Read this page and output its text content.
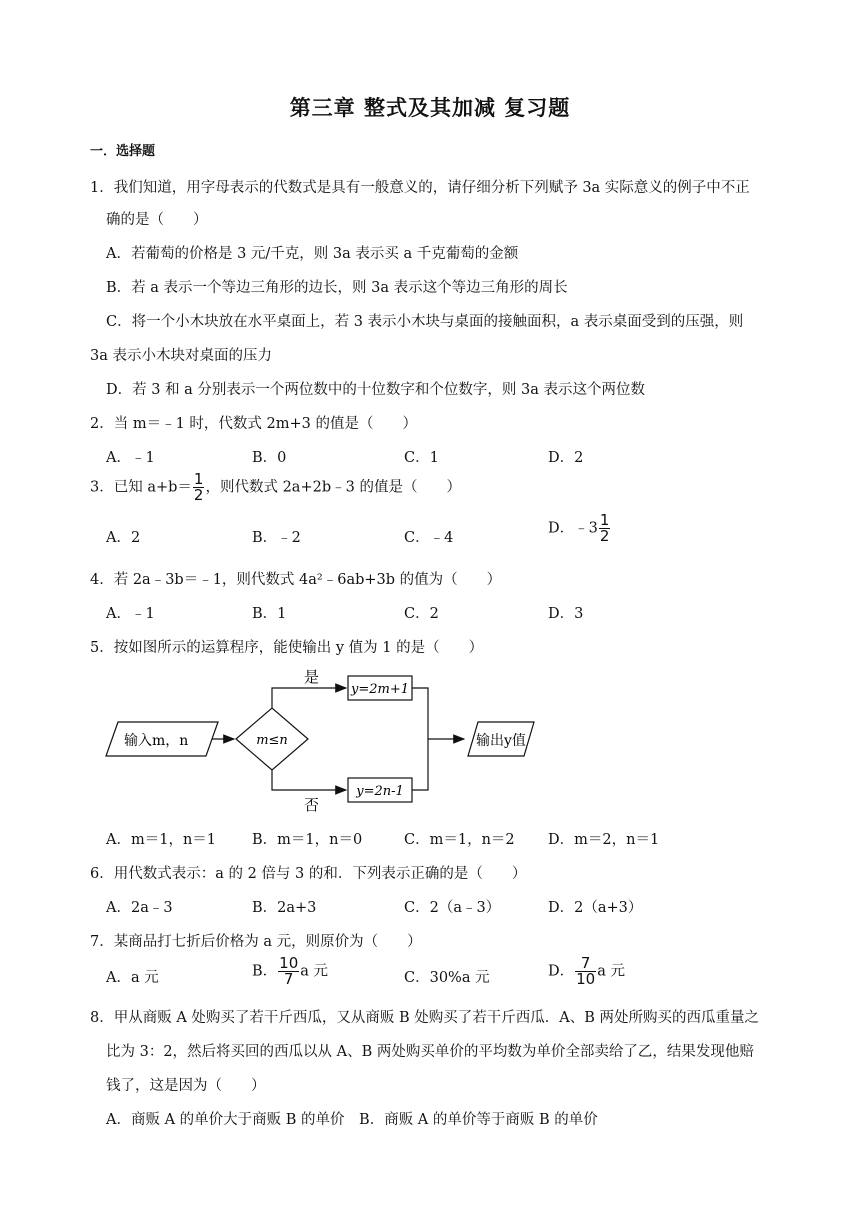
第三章 整式及其加减 复习题
一．选择题
1．我们知道，用字母表示的代数式是具有一般意义的，请仔细分析下列赋予 3a 实际意义的例子中不正
确的是（　　）
A．若葡萄的价格是 3 元/千克，则 3a 表示买 a 千克葡萄的金额
B．若 a 表示一个等边三角形的边长，则 3a 表示这个等边三角形的周长
C．将一个小木块放在水平桌面上，若 3 表示小木块与桌面的接触面积，a 表示桌面受到的压强，则
3a 表示小木块对桌面的压力
D．若 3 和 a 分别表示一个两位数中的十位数字和个位数字，则 3a 表示这个两位数
2．当 m＝﹣1 时，代数式 2m+3 的值是（　　）
A．﹣1	B．0	C．1	D．2
3．已知 $a+b= \frac{1}{2}$ ，则代数式 2a+2b﹣3 的值是（　　）
A．2	B．﹣2	C．﹣4
D．﹣3 $\frac{1}{2}$
4．若 2a﹣3b＝﹣1，则代数式 4a²﹣6ab+3b 的值为（　　）
A．﹣1	B．1	C．2	D．3
5．按如图所示的运算程序，能使输出 y 值为 1 的是（　　）
输入m，n	m≤n
是
y=2m+1
否
y=2n-1
输出y值
A．m＝1，n＝1 B．m＝1，n＝0	C．m＝1，n＝2 D．m＝2，n＝1
6．用代数式表示：a 的 2 倍与 3 的和．下列表示正确的是（　　）
A．2a﹣3	B．2a+3	C．2（a﹣3）	D．2（a+3）
7．某商品打七折后价格为 a 元，则原价为（　　）
A．a 元	B． $\frac{10}{7}$ a 元	C．30%a 元	D． $\frac{7}{10}$ a 元
8．甲从商贩 A 处购买了若干斤西瓜，又从商贩 B 处购买了若干斤西瓜．A、B 两处所购买的西瓜重量之
比为 3：2，然后将买回的西瓜以从 A、B 两处购买单价的平均数为单价全部卖给了乙，结果发现他赔
钱了，这是因为（　　）
A．商贩 A 的单价大于商贩 B 的单价　B．商贩 A 的单价等于商贩 B 的单价
